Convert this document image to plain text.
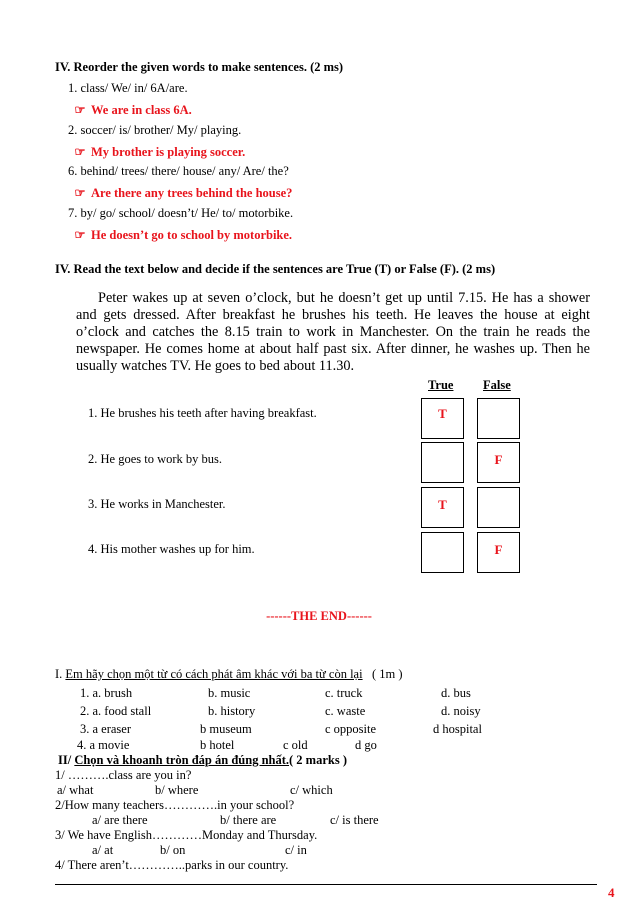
IV. Reorder the given words to make sentences. (2 ms)
1. class/ We/ in/ 6A/are.
☞ We are in class 6A.
2. soccer/ is/ brother/ My/ playing.
☞ My brother is playing soccer.
6. behind/ trees/ there/ house/ any/ Are/ the?
☞ Are there any trees behind the house?
7. by/ go/ school/ doesn’t/ He/ to/ motorbike.
☞ He doesn’t go to school by motorbike.
IV. Read the text below and decide if the sentences are True (T) or False (F). (2 ms)
Peter wakes up at seven o’clock, but he doesn’t get up until 7.15. He has a shower and gets dressed. After breakfast he brushes his teeth. He leaves the house at eight o’clock and catches the 8.15 train to work in Manchester. On the train he reads the newspaper. He comes home at about half past six. After dinner, he washes up. Then he usually watches TV. He goes to bed about 11.30.
True False
1. He brushes his teeth after having breakfast.	T
2. He goes to work by bus.	F
3. He works in Manchester.	T
4. His mother washes up for him.	F
------THE END------
I. Em hãy chọn một từ có cách phát âm khác với ba từ còn lại   ( 1m )
1. a. brush	b. music	c. truck	d. bus
2. a. food stall	b. history	c. waste	d. noisy
3. a eraser	b museum	c opposite	d hospital
4. a movie	b hotel	c old	d go
II/ Chọn và khoanh tròn đáp án đúng nhất.( 2 marks )
1/ ……….class are you in?
a/ what	b/ where	c/ which
2/How many teachers………….in your school?
a/ are there	b/ there are	c/ is there
3/ We have English…………Monday and Thursday.
a/ at	b/ on	c/ in
4/ There aren’t…………..parks in our country.
4
